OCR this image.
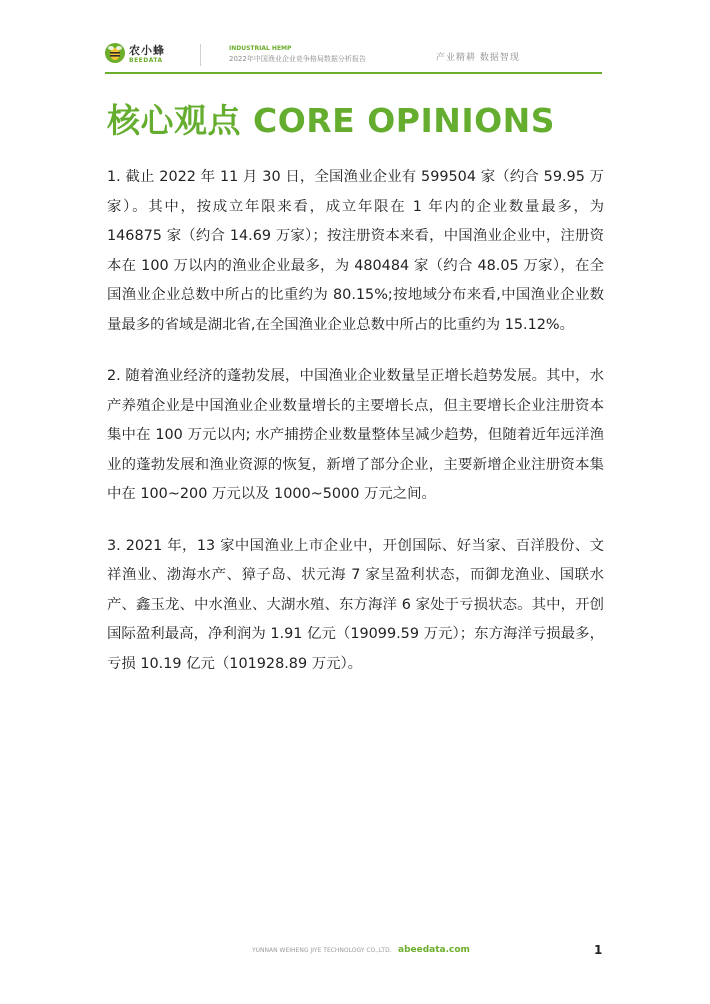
农小蜂
BEEDATA
INDUSTRIAL HEMP
2022年中国渔业企业竞争格局数据分析报告	产业精耕 数据智现
核心观点 CORE OPINIONS

1. 截止 2022 年 11 月 30 日，全国渔业企业有 599504 家（约合 59.95 万家）。其中，按成立年限来看，成立年限在 1 年内的企业数量最多，为 146875 家（约合 14.69 万家）；按注册资本来看，中国渔业企业中，注册资本在 100 万以内的渔业企业最多，为 480484 家（约合 48.05 万家），在全国渔业企业总数中所占的比重约为 80.15%;按地域分布来看,中国渔业企业数量最多的省域是湖北省,在全国渔业企业总数中所占的比重约为 15.12%。

2. 随着渔业经济的蓬勃发展，中国渔业企业数量呈正增长趋势发展。其中，水产养殖企业是中国渔业企业数量增长的主要增长点，但主要增长企业注册资本集中在 100 万元以内; 水产捕捞企业数量整体呈减少趋势，但随着近年远洋渔业的蓬勃发展和渔业资源的恢复，新增了部分企业，主要新增企业注册资本集中在 100~200 万元以及 1000~5000 万元之间。

3. 2021 年，13 家中国渔业上市企业中，开创国际、好当家、百洋股份、文祥渔业、渤海水产、獐子岛、状元海 7 家呈盈利状态，而御龙渔业、国联水产、鑫玉龙、中水渔业、大湖水殖、东方海洋 6 家处于亏损状态。其中，开创国际盈利最高，净利润为 1.91 亿元（19099.59 万元）；东方海洋亏损最多，亏损 10.19 亿元（101928.89 万元）。

YUNNAN WEIHENG JIYE TECHNOLOGY CO.,LTD. abeedata.com	1
